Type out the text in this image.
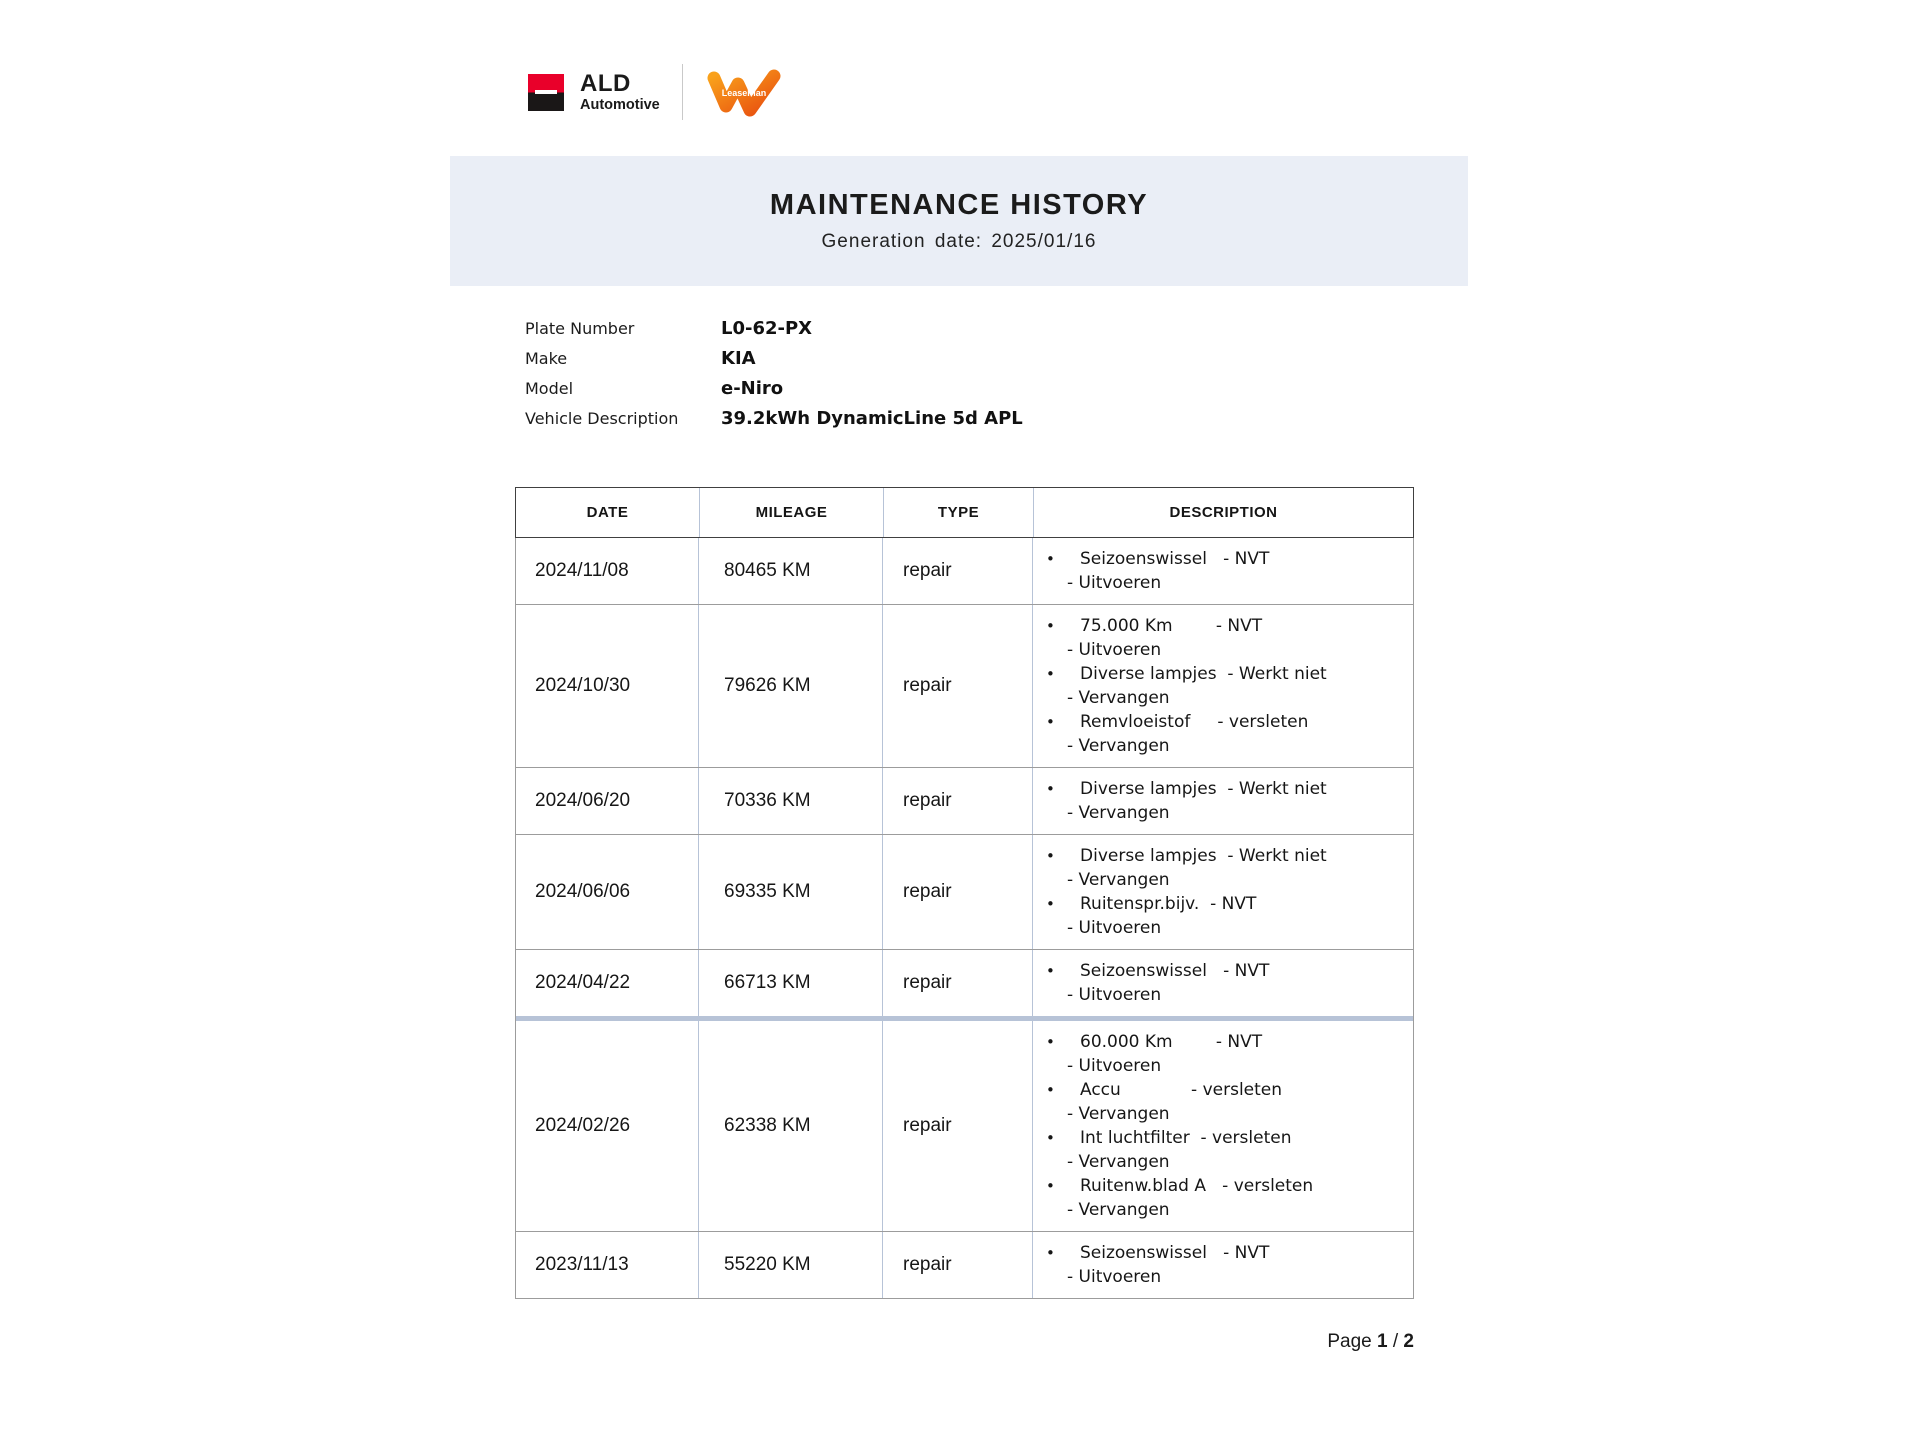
ALD
Automotive
LeasePlan
MAINTENANCE HISTORY
Generation date: 2025/01/16
Plate Number	L0-62-PX
Make	KIA
Model	e-Niro
Vehicle Description	39.2kWh DynamicLine 5d APL
DATE	MILEAGE	TYPE	DESCRIPTION
2024/11/08	80465 KM	repair
•	Seizoenswissel   - NVT
- Uitvoeren
2024/10/30	79626 KM	repair
•	75.000 Km        - NVT
- Uitvoeren
•	Diverse lampjes  - Werkt niet
- Vervangen
•	Remvloeistof     - versleten
- Vervangen
2024/06/20	70336 KM	repair
•	Diverse lampjes  - Werkt niet
- Vervangen
2024/06/06	69335 KM	repair
•	Diverse lampjes  - Werkt niet
- Vervangen
•	Ruitenspr.bijv.  - NVT
- Uitvoeren
2024/04/22	66713 KM	repair
•	Seizoenswissel   - NVT
- Uitvoeren
2024/02/26	62338 KM	repair
•	60.000 Km        - NVT
- Uitvoeren
•	Accu             - versleten
- Vervangen
•	Int luchtfilter  - versleten
- Vervangen
•	Ruitenw.blad A   - versleten
- Vervangen
2023/11/13	55220 KM	repair
•	Seizoenswissel   - NVT
- Uitvoeren
Page 1 / 2
